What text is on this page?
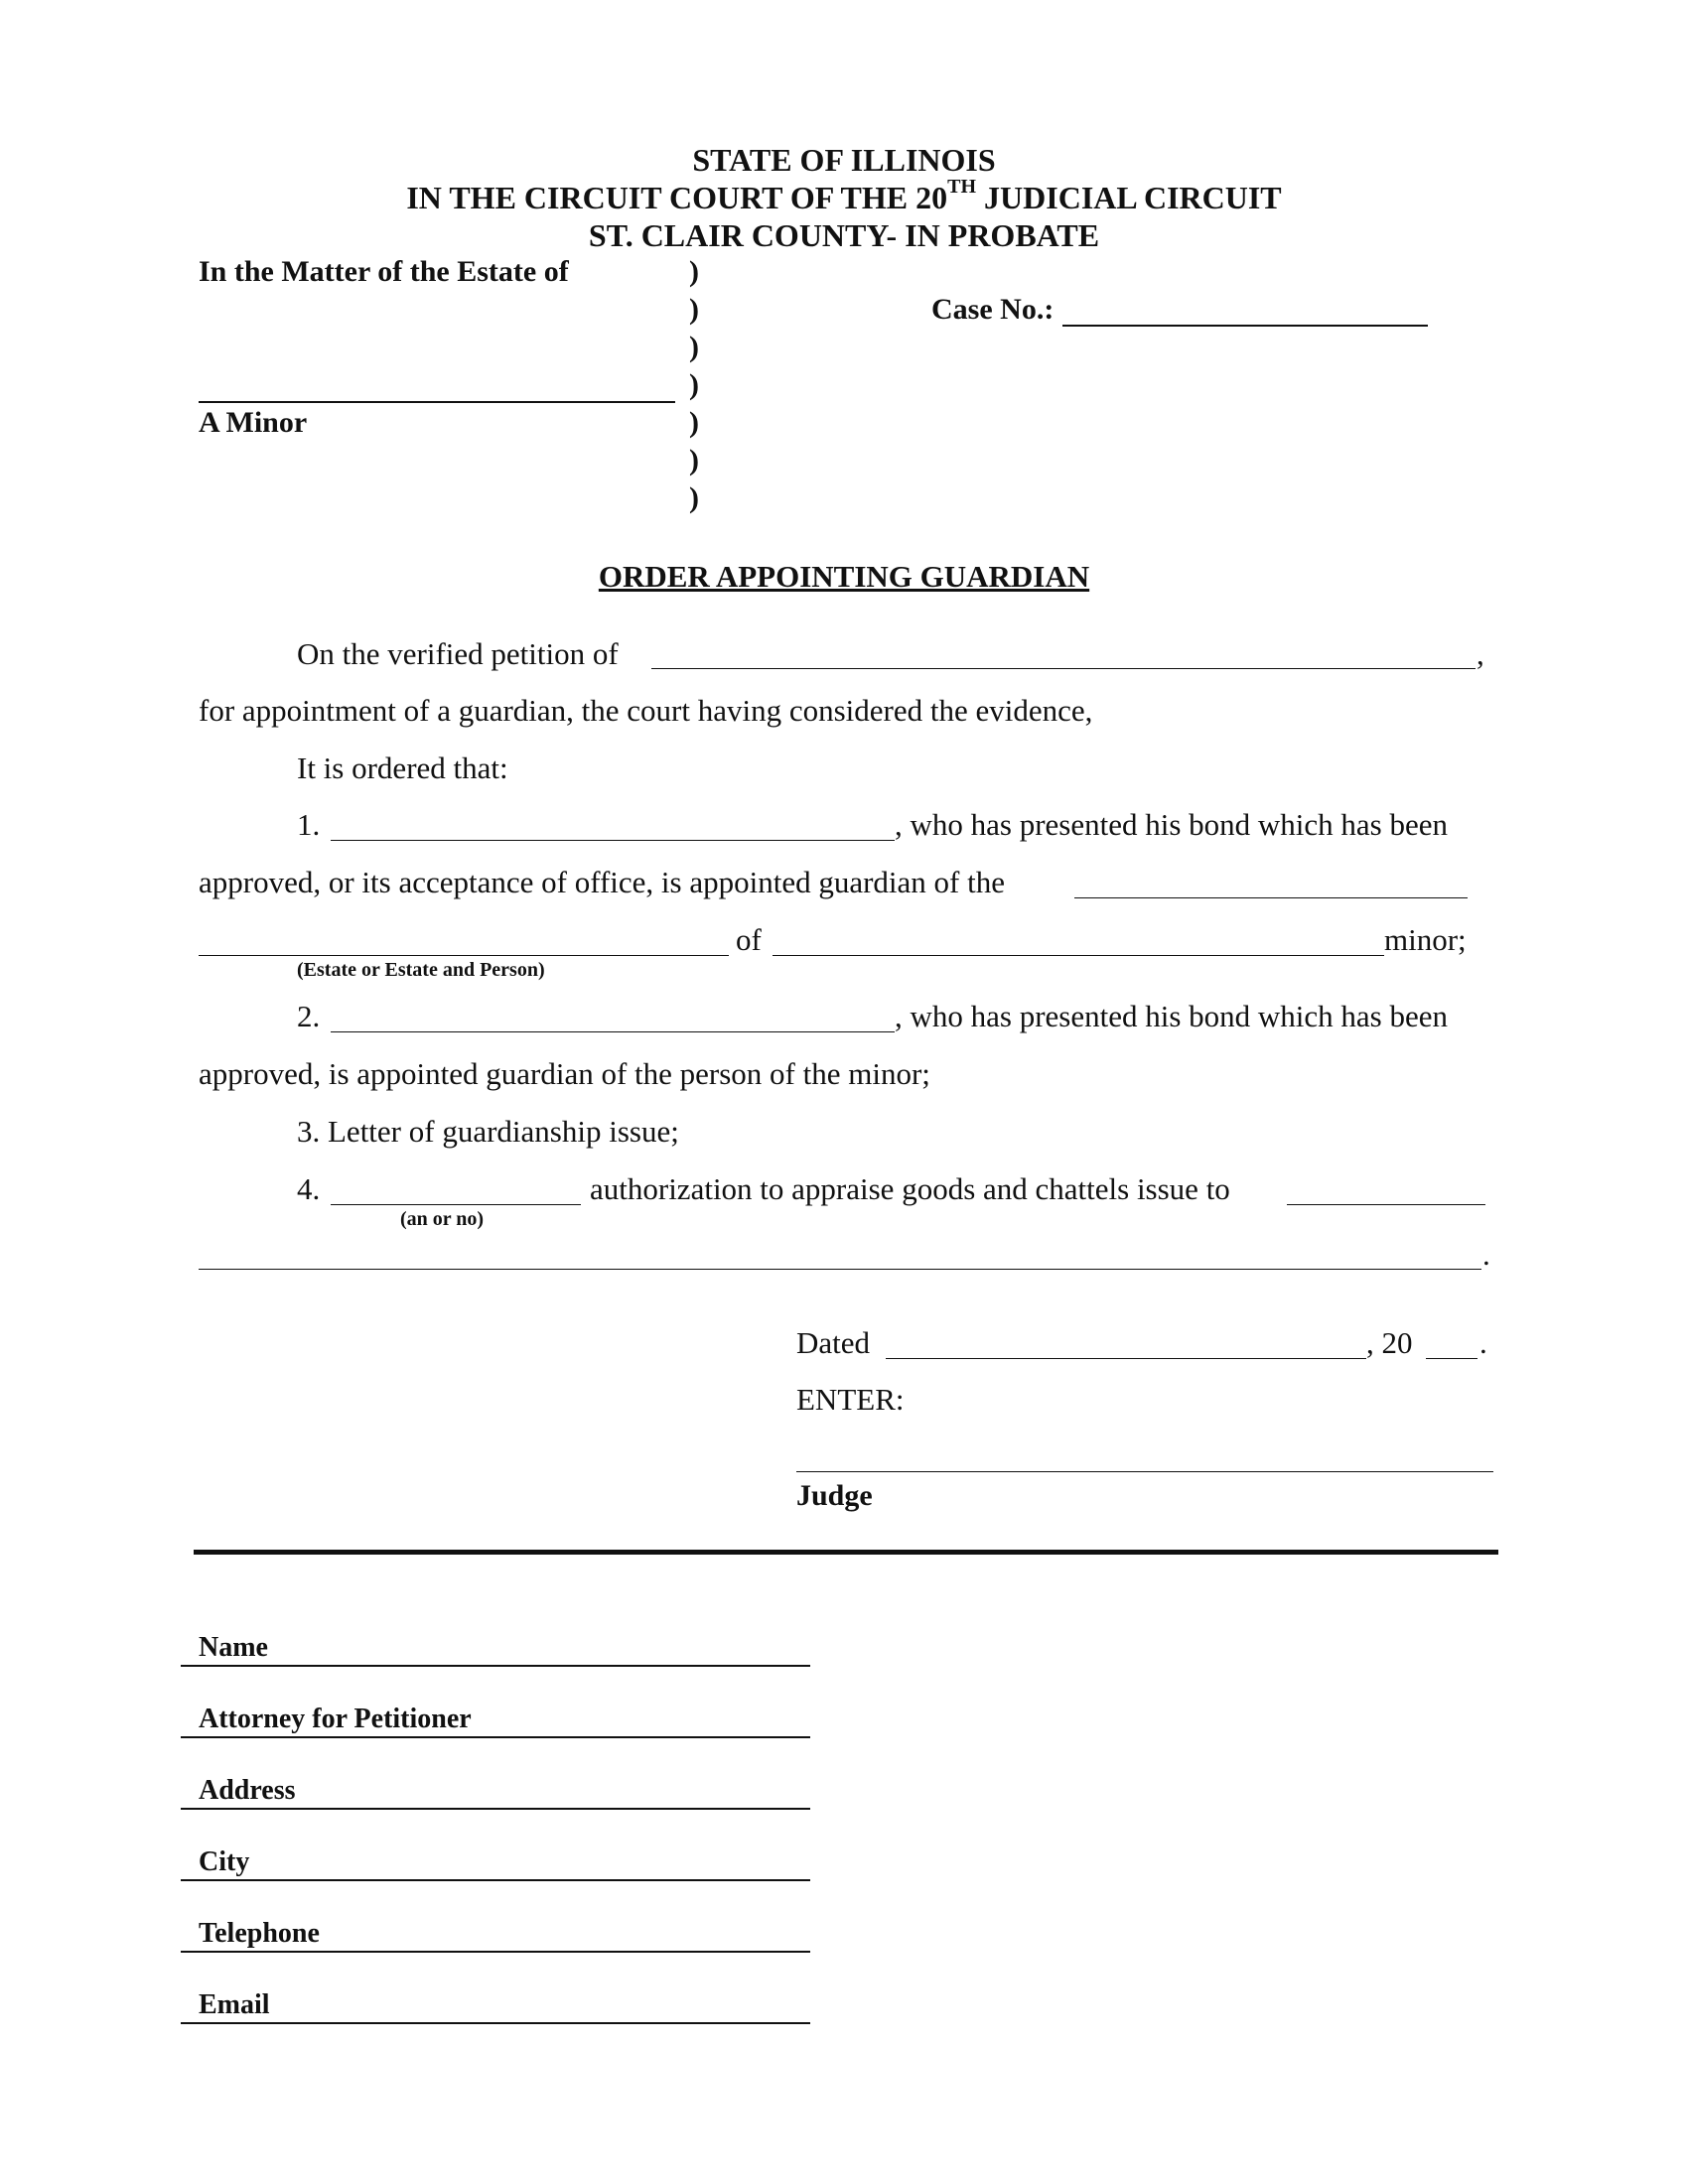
STATE OF ILLINOIS
IN THE CIRCUIT COURT OF THE 20TH JUDICIAL CIRCUIT
ST. CLAIR COUNTY- IN PROBATE
In the Matter of the Estate of
A Minor
)
)
)
)
)
)
)
Case No.:
ORDER APPOINTING GUARDIAN
On the verified petition of	,
for appointment of a guardian, the court having considered the evidence,
It is ordered that:
1.	, who has presented his bond which has been
approved, or its acceptance of office, is appointed guardian of the
(Estate or Estate and Person)
of	minor;
2.	, who has presented his bond which has been
approved, is appointed guardian of the person of the minor;
3. Letter of guardianship issue;
4.
(an or no)
authorization to appraise goods and chattels issue to
.
Dated	, 20 .
ENTER:
Judge
Name
Attorney for Petitioner
Address
City
Telephone
Email
